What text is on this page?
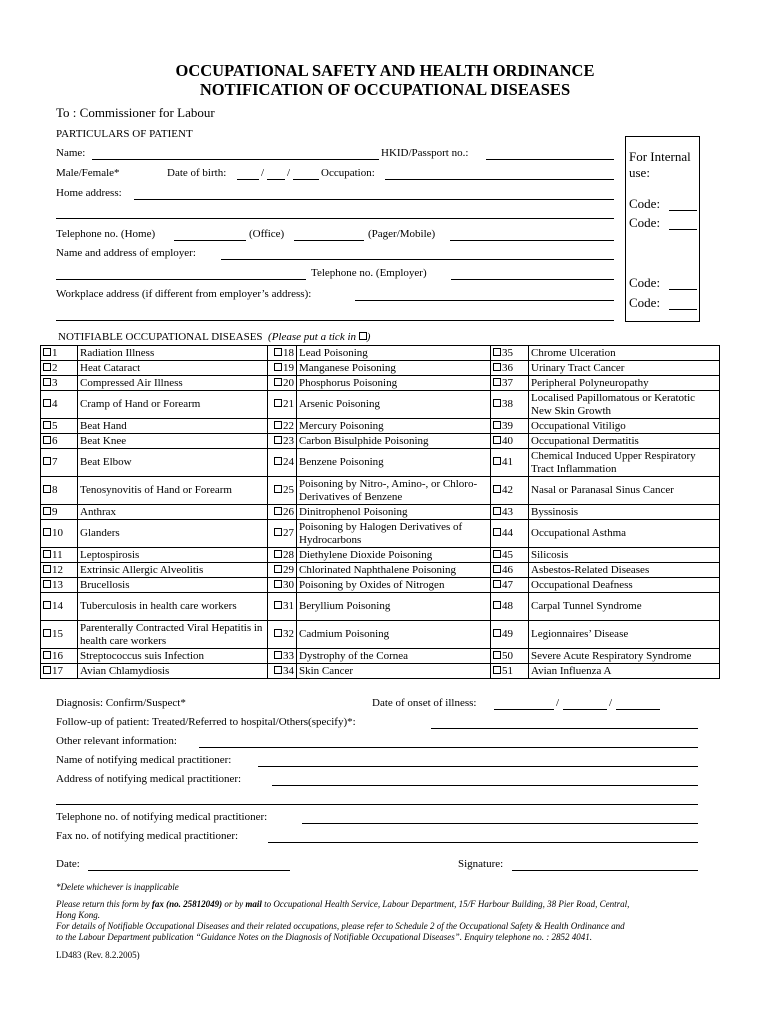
OCCUPATIONAL SAFETY AND HEALTH ORDINANCE
NOTIFICATION OF OCCUPATIONAL DISEASES
To : Commissioner for Labour
PARTICULARS OF PATIENT
Name:	HKID/Passport no.:
Male/Female*	Date of birth:	/ /	Occupation:
Home address:
Telephone no. (Home)	(Office)	(Pager/Mobile)
Name and address of employer:
Telephone no. (Employer)
Workplace address (if different from employer’s address):
For Internal
use:
Code:
Code:
Code:
Code:
NOTIFIABLE OCCUPATIONAL DISEASES (Please put a tick in )
1	Radiation Illness	18	Lead Poisoning	35	Chrome Ulceration
2	Heat Cataract	19	Manganese Poisoning	36	Urinary Tract Cancer
3	Compressed Air Illness	20	Phosphorus Poisoning	37	Peripheral Polyneuropathy
4	Cramp of Hand or Forearm	21	Arsenic Poisoning	38	Localised Papillomatous or Keratotic New Skin Growth
5	Beat Hand	22	Mercury Poisoning	39	Occupational Vitiligo
6	Beat Knee	23	Carbon Bisulphide Poisoning	40	Occupational Dermatitis
7	Beat Elbow	24	Benzene Poisoning	41	Chemical Induced Upper Respiratory Tract Inflammation
8	Tenosynovitis of Hand or Forearm	25	Poisoning by Nitro-, Amino-, or Chloro- Derivatives of Benzene	42	Nasal or Paranasal Sinus Cancer
9	Anthrax	26	Dinitrophenol Poisoning	43	Byssinosis
10	Glanders	27	Poisoning by Halogen Derivatives of Hydrocarbons	44	Occupational Asthma
11	Leptospirosis	28	Diethylene Dioxide Poisoning	45	Silicosis
12	Extrinsic Allergic Alveolitis	29	Chlorinated Naphthalene Poisoning	46	Asbestos-Related Diseases
13	Brucellosis	30	Poisoning by Oxides of Nitrogen	47	Occupational Deafness
14	Tuberculosis in health care workers	31	Beryllium Poisoning	48	Carpal Tunnel Syndrome
15	Parenterally Contracted Viral Hepatitis in health care workers	32	Cadmium Poisoning	49	Legionnaires’ Disease
16	Streptococcus suis Infection	33	Dystrophy of the Cornea	50	Severe Acute Respiratory Syndrome
17	Avian Chlamydiosis	34	Skin Cancer	51	Avian Influenza A
Diagnosis: Confirm/Suspect*	Date of onset of illness:	/	/
Follow-up of patient: Treated/Referred to hospital/Others(specify)*:
Other relevant information:
Name of notifying medical practitioner:
Address of notifying medical practitioner:
Telephone no. of notifying medical practitioner:
Fax no. of notifying medical practitioner:
Date:	Signature:
*Delete whichever is inapplicable
Please return this form by fax (no. 25812049) or by mail to Occupational Health Service, Labour Department, 15/F Harbour Building, 38 Pier Road, Central,
Hong Kong.
For details of Notifiable Occupational Diseases and their related occupations, please refer to Schedule 2 of the Occupational Safety & Health Ordinance and
to the Labour Department publication “Guidance Notes on the Diagnosis of Notifiable Occupational Diseases”. Enquiry telephone no. : 2852 4041.
LD483 (Rev. 8.2.2005)
